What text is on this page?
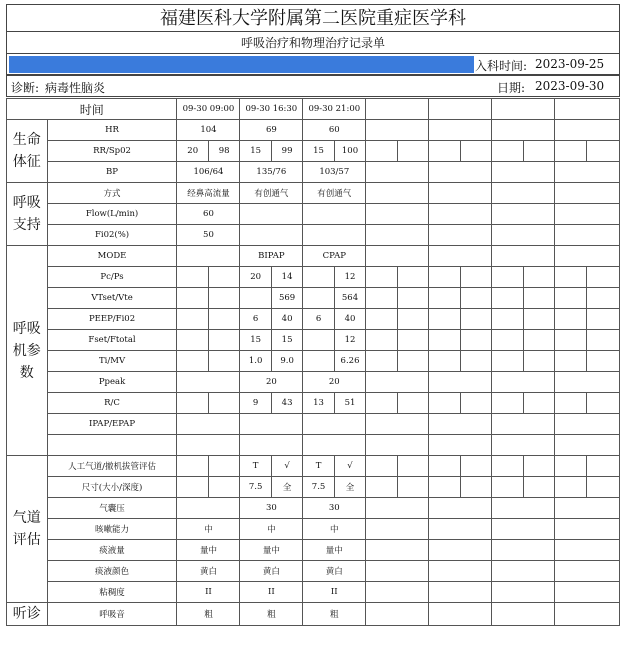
福建医科大学附属第二医院重症医学科
呼吸治疗和物理治疗记录单
入科时间: 2023-09-25
诊断: 病毒性脑炎	日期: 2023-09-30
时间		09-30 09:00		09-30 16:30		09-30 21:00									
生命体征	HR	104		69		60									
	RR/Sp02	20	98	15	99	15	100								
	BP	106/64		135/76		103/57									
呼吸支持	方式	经鼻高流量		有创通气		有创通气									
	Flow(L/min)	60													
	Fi02(%)	50													
呼吸机参数	MODE			BIPAP		CPAP									
	Pc/Ps			20	14		12								
	VTset/Vte				569		564								
	PEEP/Fi02			6	40	6	40								
	Fset/Ftotal			15	15		12								
	Ti/MV			1.0	9.0		6.26								
	Ppeak			20		20									
	R/C			9	43	13	51								
	IPAP/EPAP														

气道评估	人工气道/撤机拔管评估			T	√	T	√								
	尺寸(大小/深度)			7.5	全	7.5	全								
	气囊压			30		30									
	咳嗽能力	中		中		中									
	痰液量	量中		量中		量中									
	痰液颜色	黄白		黄白		黄白									
	粘稠度	II		II		II									
听诊	呼吸音	粗		粗		粗									
